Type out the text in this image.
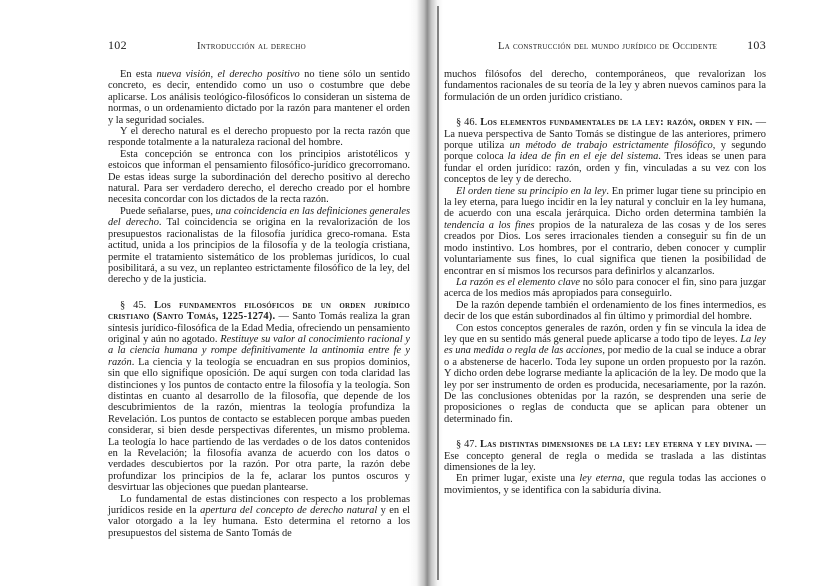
102	Introducción al derecho

En esta nueva visión, el derecho positivo no tiene sólo un sentido concreto, es decir, entendido como un uso o costumbre que debe aplicarse. Los análisis teológico-filosóficos lo consideran un sistema de normas, o un ordenamiento dictado por la razón para mantener el orden y la seguridad sociales.

Y el derecho natural es el derecho propuesto por la recta razón que responde totalmente a la naturaleza racional del hombre.

Esta concepción se entronca con los principios aristotélicos y estoicos que informan el pensamiento filosófico-jurídico grecorromano. De estas ideas surge la subordinación del derecho positivo al derecho natural. Para ser verdadero derecho, el derecho creado por el hombre necesita concordar con los dictados de la recta razón.

Puede señalarse, pues, una coincidencia en las definiciones generales del derecho. Tal coincidencia se origina en la revalorización de los presupuestos racionalistas de la filosofía jurídica greco-romana. Esta actitud, unida a los principios de la filosofía y de la teología cristiana, permite el tratamiento sistemático de los problemas jurídicos, lo cual posibilitará, a su vez, un replanteo estrictamente filosófico de la ley, del derecho y de la justicia.

§ 45. Los fundamentos filosóficos de un orden jurídico cristiano (Santo Tomás, 1225-1274). — Santo Tomás realiza la gran síntesis jurídico-filosófica de la Edad Media, ofreciendo un pensamiento original y aún no agotado. Restituye su valor al conocimiento racional y a la ciencia humana y rompe definitivamente la antinomia entre fe y razón. La ciencia y la teología se encuadran en sus propios dominios, sin que ello signifique oposición. De aquí surgen con toda claridad las distinciones y los puntos de contacto entre la filosofía y la teología. Son distintas en cuanto al desarrollo de la filosofía, que depende de los descubrimientos de la razón, mientras la teología profundiza la Revelación. Los puntos de contacto se establecen porque ambas pueden considerar, si bien desde perspectivas diferentes, un mismo problema. La teología lo hace partiendo de las verdades o de los datos contenidos en la Revelación; la filosofía avanza de acuerdo con los datos o verdades descubiertos por la razón. Por otra parte, la razón debe profundizar los principios de la fe, aclarar los puntos oscuros y desvirtuar las objeciones que puedan plantearse.

Lo fundamental de estas distinciones con respecto a los problemas jurídicos reside en la apertura del concepto de derecho natural y en el valor otorgado a la ley humana. Esto determina el retorno a los presupuestos del sistema de Santo Tomás de

La construcción del mundo jurídico de Occidente 103

muchos filósofos del derecho, contemporáneos, que revalorizan los fundamentos racionales de su teoría de la ley y abren nuevos caminos para la formulación de un orden jurídico cristiano.

§ 46. Los elementos fundamentales de la ley: razón, orden y fin. — La nueva perspectiva de Santo Tomás se distingue de las anteriores, primero porque utiliza un método de trabajo estrictamente filosófico, y segundo porque coloca la idea de fin en el eje del sistema. Tres ideas se unen para fundar el orden jurídico: razón, orden y fin, vinculadas a su vez con los conceptos de ley y de derecho.

El orden tiene su principio en la ley. En primer lugar tiene su principio en la ley eterna, para luego incidir en la ley natural y concluir en la ley humana, de acuerdo con una escala jerárquica. Dicho orden determina también la tendencia a los fines propios de la naturaleza de las cosas y de los seres creados por Dios. Los seres irracionales tienden a conseguir su fin de un modo instintivo. Los hombres, por el contrario, deben conocer y cumplir voluntariamente sus fines, lo cual significa que tienen la posibilidad de encontrar en sí mismos los recursos para definirlos y alcanzarlos.

La razón es el elemento clave no sólo para conocer el fin, sino para juzgar acerca de los medios más apropiados para conseguirlo.

De la razón depende también el ordenamiento de los fines intermedios, es decir de los que están subordinados al fin último y primordial del hombre.

Con estos conceptos generales de razón, orden y fin se vincula la idea de ley que en su sentido más general puede aplicarse a todo tipo de leyes. La ley es una medida o regla de las acciones, por medio de la cual se induce a obrar o a abstenerse de hacerlo. Toda ley supone un orden propuesto por la razón. Y dicho orden debe lograrse mediante la aplicación de la ley. De modo que la ley por ser instrumento de orden es producida, necesariamente, por la razón. De las conclusiones obtenidas por la razón, se desprenden una serie de proposiciones o reglas de conducta que se aplican para obtener un determinado fin.

§ 47. Las distintas dimensiones de la ley: ley eterna y ley divina. — Ese concepto general de regla o medida se traslada a las distintas dimensiones de la ley.

En primer lugar, existe una ley eterna, que regula todas las acciones o movimientos, y se identifica con la sabiduría divina.
